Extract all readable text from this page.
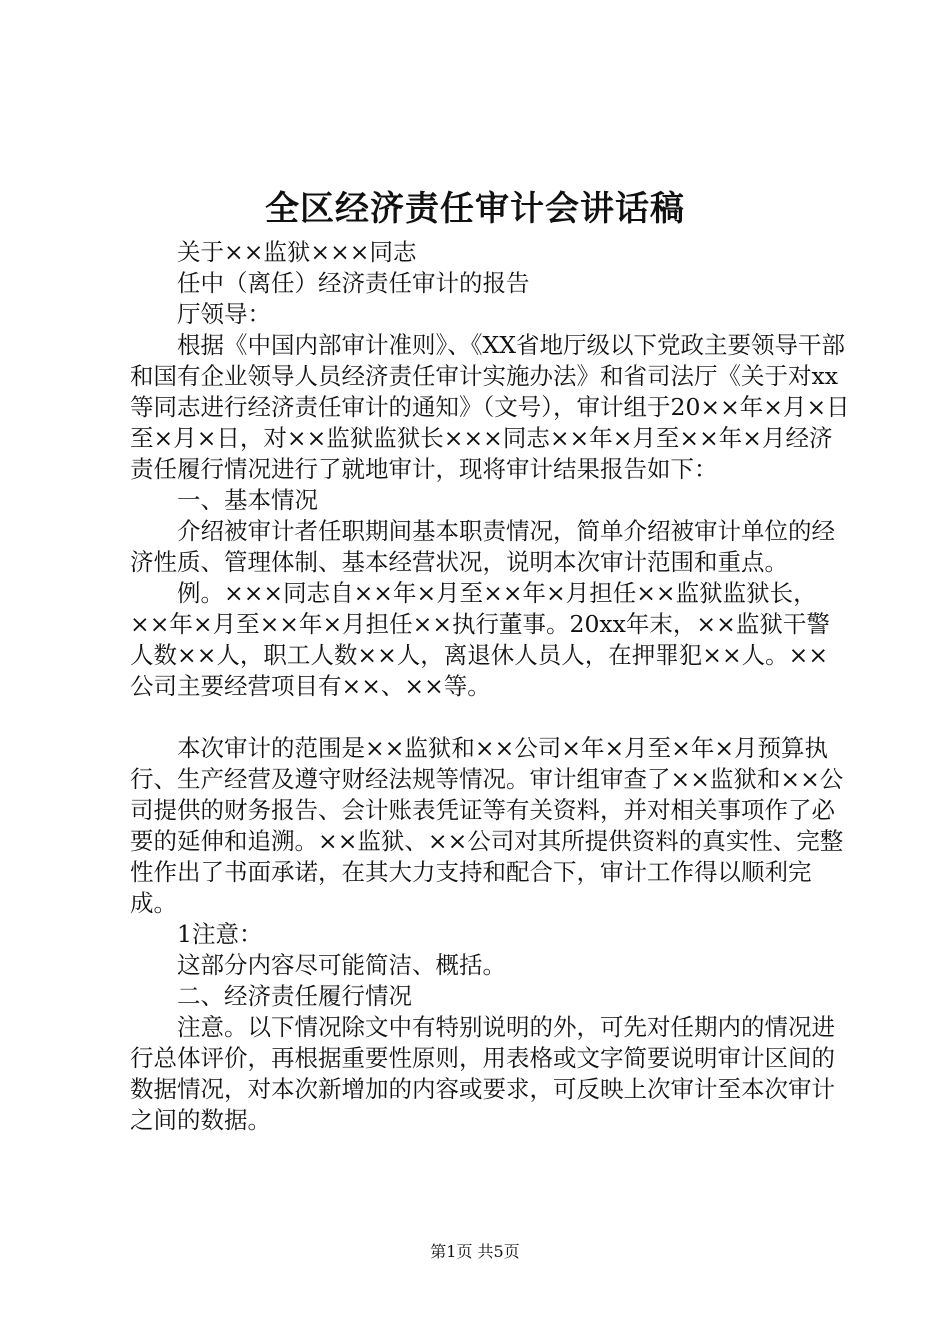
全区经济责任审计会讲话稿

关于××监狱×××同志

任中（离任）经济责任审计的报告

厅领导：

根据《中国内部审计准则》、《XX省地厅级以下党政主要领导干部和国有企业领导人员经济责任审计实施办法》和省司法厅《关于对xx等同志进行经济责任审计的通知》（文号），审计组于20××年×月×日至×月×日，对××监狱监狱长×××同志××年×月至××年×月经济责任履行情况进行了就地审计，现将审计结果报告如下：

一、基本情况

介绍被审计者任职期间基本职责情况，简单介绍被审计单位的经济性质、管理体制、基本经营状况，说明本次审计范围和重点。

例。×××同志自××年×月至××年×月担任××监狱监狱长，××年×月至××年×月担任××执行董事。20xx年末，××监狱干警人数××人，职工人数××人，离退休人员人，在押罪犯××人。××公司主要经营项目有××、××等。

本次审计的范围是××监狱和××公司×年×月至×年×月预算执行、生产经营及遵守财经法规等情况。审计组审查了××监狱和××公司提供的财务报告、会计账表凭证等有关资料，并对相关事项作了必要的延伸和追溯。××监狱、××公司对其所提供资料的真实性、完整性作出了书面承诺，在其大力支持和配合下，审计工作得以顺利完成。

1注意：

这部分内容尽可能简洁、概括。

二、经济责任履行情况

注意。以下情况除文中有特别说明的外，可先对任期内的情况进行总体评价，再根据重要性原则，用表格或文字简要说明审计区间的数据情况，对本次新增加的内容或要求，可反映上次审计至本次审计之间的数据。

第1页 共5页
